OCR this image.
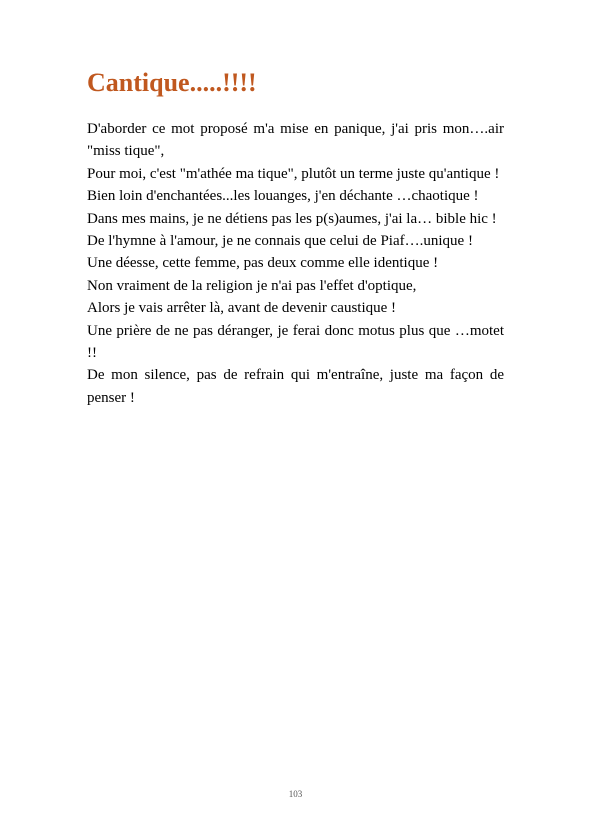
Cantique.....!!!!
D'aborder ce mot proposé m'a mise en panique, j'ai pris mon….air "miss tique",
Pour moi, c'est "m'athée ma tique", plutôt un terme juste qu'antique !
Bien loin d'enchantées...les louanges, j'en déchante …chaotique !
Dans mes mains, je ne détiens pas les p(s)aumes, j'ai la… bible hic !
De l'hymne à l'amour, je ne connais que celui de Piaf….unique !
Une déesse, cette femme, pas deux comme elle identique !
Non vraiment de la religion je n'ai pas l'effet d'optique,
Alors je vais arrêter là, avant de devenir caustique !
Une prière de ne pas déranger, je ferai donc motus plus que …motet !!
De mon silence, pas de refrain qui m'entraîne, juste ma façon de penser !
103
